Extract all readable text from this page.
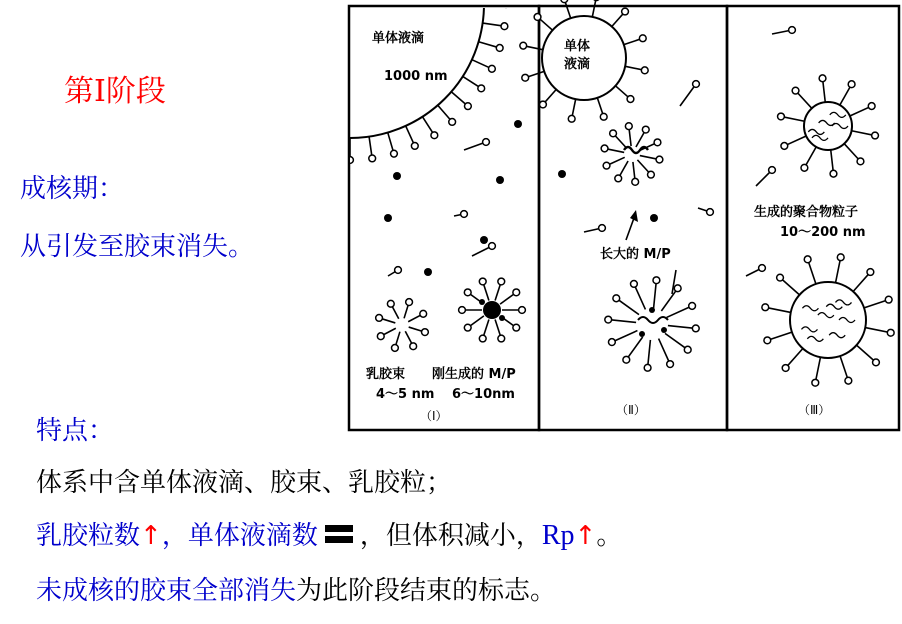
第Ⅰ阶段
成核期：
从引发至胶束消失。
特点：
体系中含单体液滴、胶束、乳胶粒；
乳胶粒数↑，单体液滴数 ，但体积减小，Rp↑。
未成核的胶束全部消失为此阶段结束的标志。
单体液滴
1000 nm
乳胶束
4～5 nm
刚生成的 M/P
6～10nm
（Ⅰ）
单体
液滴
长大的 M/P
（Ⅱ）
生成的聚合物粒子
10～200 nm
（Ⅲ）
